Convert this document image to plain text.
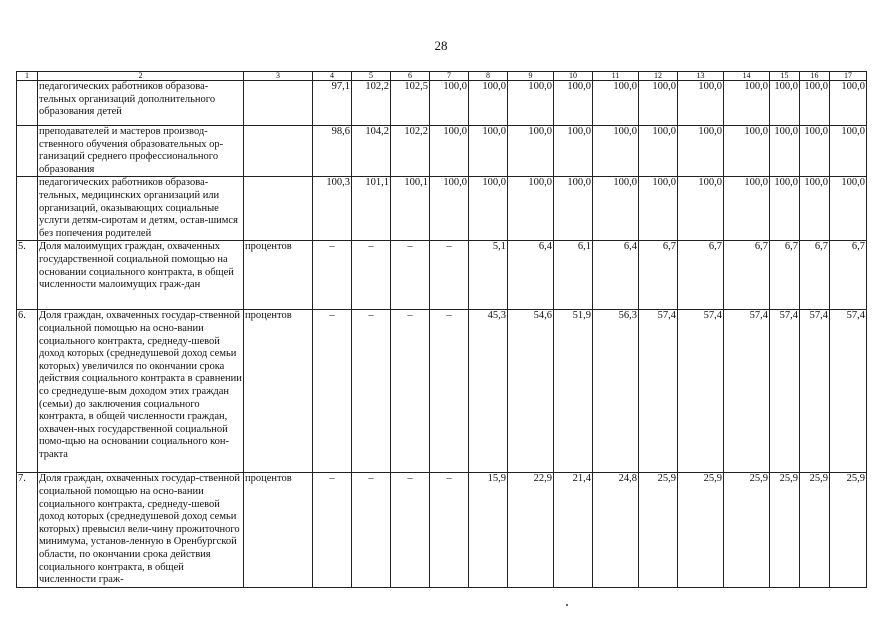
28
1	2	3	4	5	6	7	8	9	10	11	12	13	14	15	16	17
	педагогических работников образова-тельных организаций дополнительного образования детей		97,1	102,2	102,5	100,0	100,0	100,0	100,0	100,0	100,0	100,0	100,0	100,0	100,0	100,0
	преподавателей и мастеров производ-ственного обучения образовательных ор-ганизаций среднего профессионального образования		98,6	104,2	102,2	100,0	100,0	100,0	100,0	100,0	100,0	100,0	100,0	100,0	100,0	100,0
	педагогических работников образова-тельных, медицинских организаций или организаций, оказывающих социальные услуги детям-сиротам и детям, остав-шимся без попечения родителей		100,3	101,1	100,1	100,0	100,0	100,0	100,0	100,0	100,0	100,0	100,0	100,0	100,0	100,0
5.	Доля малоимущих граждан, охваченных государственной социальной помощью на основании социального контракта, в общей численности малоимущих граж-дан	процентов	–	–	–	–	5,1	6,4	6,1	6,4	6,7	6,7	6,7	6,7	6,7	6,7
6.	Доля граждан, охваченных государ-ственной социальной помощью на осно-вании социального контракта, среднеду-шевой доход которых (среднедушевой доход семьи которых) увеличился по окончании срока действия социального контракта в сравнении со среднедуше-вым доходом этих граждан (семьи) до заключения социального контракта, в общей численности граждан, охвачен-ных государственной социальной помо-щью на основании социального кон-тракта	процентов	–	–	–	–	45,3	54,6	51,9	56,3	57,4	57,4	57,4	57,4	57,4	57,4
7.	Доля граждан, охваченных государ-ственной социальной помощью на осно-вании социального контракта, среднеду-шевой доход которых (среднедушевой доход семьи которых) превысил вели-чину прожиточного минимума, установ-ленную в Оренбургской области, по окончании срока действия социального контракта, в общей численности граж-	процентов	–	–	–	–	15,9	22,9	21,4	24,8	25,9	25,9	25,9	25,9	25,9	25,9
